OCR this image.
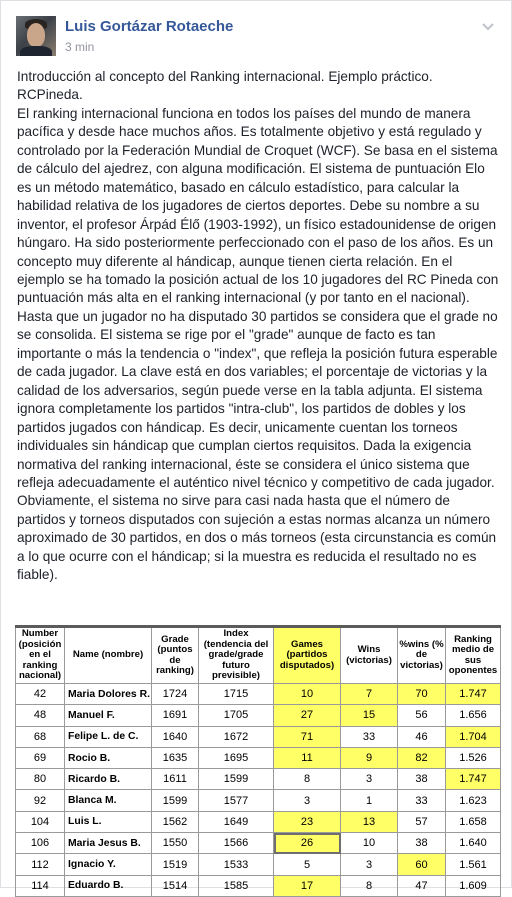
Luis Gortázar Rotaeche
3 min

Introducción al concepto del Ranking internacional. Ejemplo práctico.
RCPineda.
El ranking internacional funciona en todos los países del mundo de manera pacífica y desde hace muchos años. Es totalmente objetivo y está regulado y controlado por la Federación Mundial de Croquet (WCF). Se basa en el sistema de cálculo del ajedrez, con alguna modificación. El sistema de puntuación Elo es un método matemático, basado en cálculo estadístico, para calcular la habilidad relativa de los jugadores de ciertos deportes. Debe su nombre a su inventor, el profesor Árpád Élő (1903-1992), un físico estadounidense de origen húngaro. Ha sido posteriormente perfeccionado con el paso de los años. Es un concepto muy diferente al hándicap, aunque tienen cierta relación. En el ejemplo se ha tomado la posición actual de los 10 jugadores del RC Pineda con puntuación más alta en el ranking internacional (y por tanto en el nacional). Hasta que un jugador no ha disputado 30 partidos se considera que el grade no se consolida. El sistema se rige por el "grade" aunque de facto es tan importante o más la tendencia o "index", que refleja la posición futura esperable de cada jugador. La clave está en dos variables; el porcentaje de victorias y la calidad de los adversarios, según puede verse en la tabla adjunta. El sistema ignora completamente los partidos "intra-club", los partidos de dobles y los partidos jugados con hándicap. Es decir, unicamente cuentan los torneos individuales sin hándicap que cumplan ciertos requisitos. Dada la exigencia normativa del ranking internacional, éste se considera el único sistema que refleja adecuadamente el auténtico nivel técnico y competitivo de cada jugador. Obviamente, el sistema no sirve para casi nada hasta que el número de partidos y torneos disputados con sujeción a estas normas alcanza un número aproximado de 30 partidos, en dos o más torneos (esta circunstancia es común a lo que ocurre con el hándicap; si la muestra es reducida el resultado no es fiable).

Number (posición en el ranking nacional)	Name (nombre)	Grade (puntos de ranking)	Index (tendencia del grade/grade futuro previsible)	Games (partidos disputados)	Wins (victorias)	%wins (% de victorias)	Ranking medio de sus oponentes
42	Maria Dolores R.	1724	1715	10	7	70	1.747
48	Manuel F.	1691	1705	27	15	56	1.656
68	Felipe L. de C.	1640	1672	71	33	46	1.704
69	Rocio B.	1635	1695	11	9	82	1.526
80	Ricardo B.	1611	1599	8	3	38	1.747
92	Blanca M.	1599	1577	3	1	33	1.623
104	Luis L.	1562	1649	23	13	57	1.658
106	Maria Jesus B.	1550	1566	26	10	38	1.640
112	Ignacio Y.	1519	1533	5	3	60	1.561
114	Eduardo B.	1514	1585	17	8	47	1.609
